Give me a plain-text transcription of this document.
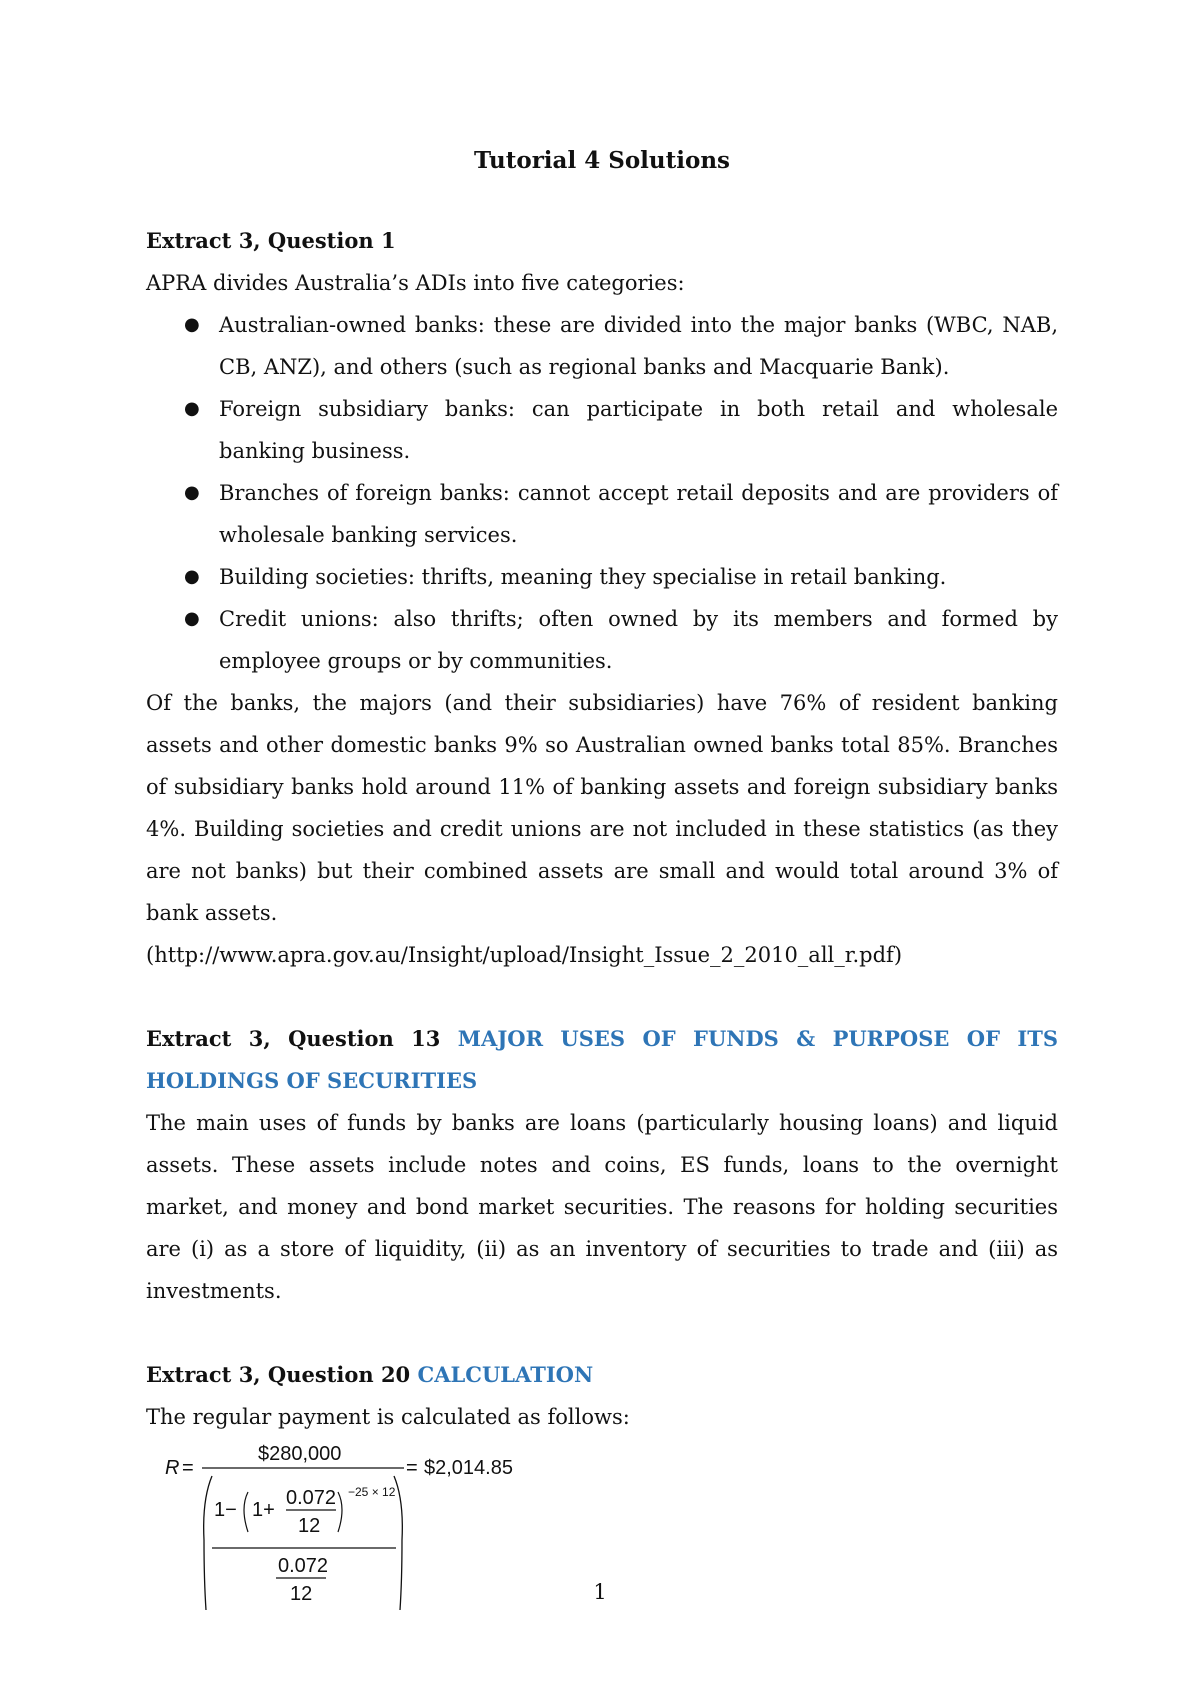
Tutorial 4 Solutions

Extract 3, Question 1

APRA divides Australia’s ADIs into five categories:

● Australian-owned banks: these are divided into the major banks (WBC, NAB, CB, ANZ), and others (such as regional banks and Macquarie Bank).
● Foreign subsidiary banks: can participate in both retail and wholesale banking business.
● Branches of foreign banks: cannot accept retail deposits and are providers of wholesale banking services.
● Building societies: thrifts, meaning they specialise in retail banking.
● Credit unions: also thrifts; often owned by its members and formed by employee groups or by communities.

Of the banks, the majors (and their subsidiaries) have 76% of resident banking assets and other domestic banks 9% so Australian owned banks total 85%. Branches of subsidiary banks hold around 11% of banking assets and foreign subsidiary banks 4%. Building societies and credit unions are not included in these statistics (as they are not banks) but their combined assets are small and would total around 3% of bank assets.

(http://www.apra.gov.au/Insight/upload/Insight_Issue_2_2010_all_r.pdf)

Extract 3, Question 13 MAJOR USES OF FUNDS & PURPOSE OF ITS HOLDINGS OF SECURITIES

The main uses of funds by banks are loans (particularly housing loans) and liquid assets. These assets include notes and coins, ES funds, loans to the overnight market, and money and bond market securities. The reasons for holding securities are (i) as a store of liquidity, (ii) as an inventory of securities to trade and (iii) as investments.

Extract 3, Question 20 CALCULATION

The regular payment is calculated as follows:

R =
$280,000
1− 1+
0.072
12
−25 × 12
0.072
12
= $2,014.85
1
